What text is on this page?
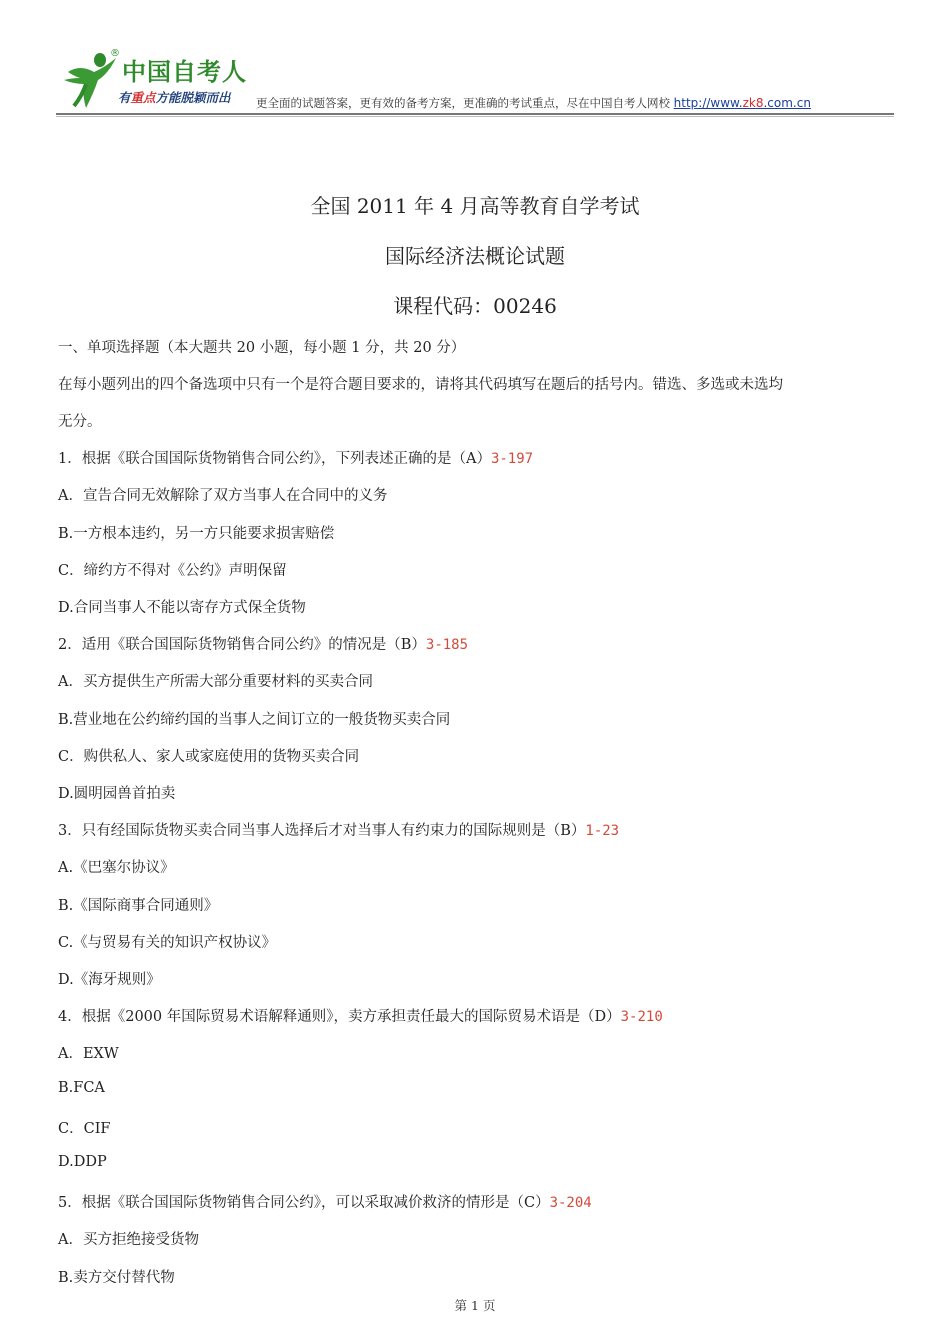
®
中国自考人
有重点方能脱颖而出 更全面的试题答案，更有效的备考方案，更准确的考试重点，尽在中国自考人网校 http://www.zk8.com.cn
全国 2011 年 4 月高等教育自学考试
国际经济法概论试题
课程代码：00246
一、单项选择题（本大题共 20 小题，每小题 1 分，共 20 分）
在每小题列出的四个备选项中只有一个是符合题目要求的，请将其代码填写在题后的括号内。错选、多选或未选均
无分。
1．根据《联合国国际货物销售合同公约》，下列表述正确的是（A）3-197
A．宣告合同无效解除了双方当事人在合同中的义务
B.一方根本违约，另一方只能要求损害赔偿
C．缔约方不得对《公约》声明保留
D.合同当事人不能以寄存方式保全货物
2．适用《联合国国际货物销售合同公约》的情况是（B）3-185
A．买方提供生产所需大部分重要材料的买卖合同
B.营业地在公约缔约国的当事人之间订立的一般货物买卖合同
C．购供私人、家人或家庭使用的货物买卖合同
D.圆明园兽首拍卖
3．只有经国际货物买卖合同当事人选择后才对当事人有约束力的国际规则是（B）1-23
A.《巴塞尔协议》
B.《国际商事合同通则》
C.《与贸易有关的知识产权协议》
D.《海牙规则》
4．根据《2000 年国际贸易术语解释通则》，卖方承担责任最大的国际贸易术语是（D）3-210
A．EXW
B.FCA
C．CIF
D.DDP
5．根据《联合国国际货物销售合同公约》，可以采取减价救济的情形是（C）3-204
A．买方拒绝接受货物
B.卖方交付替代物
第 1 页
